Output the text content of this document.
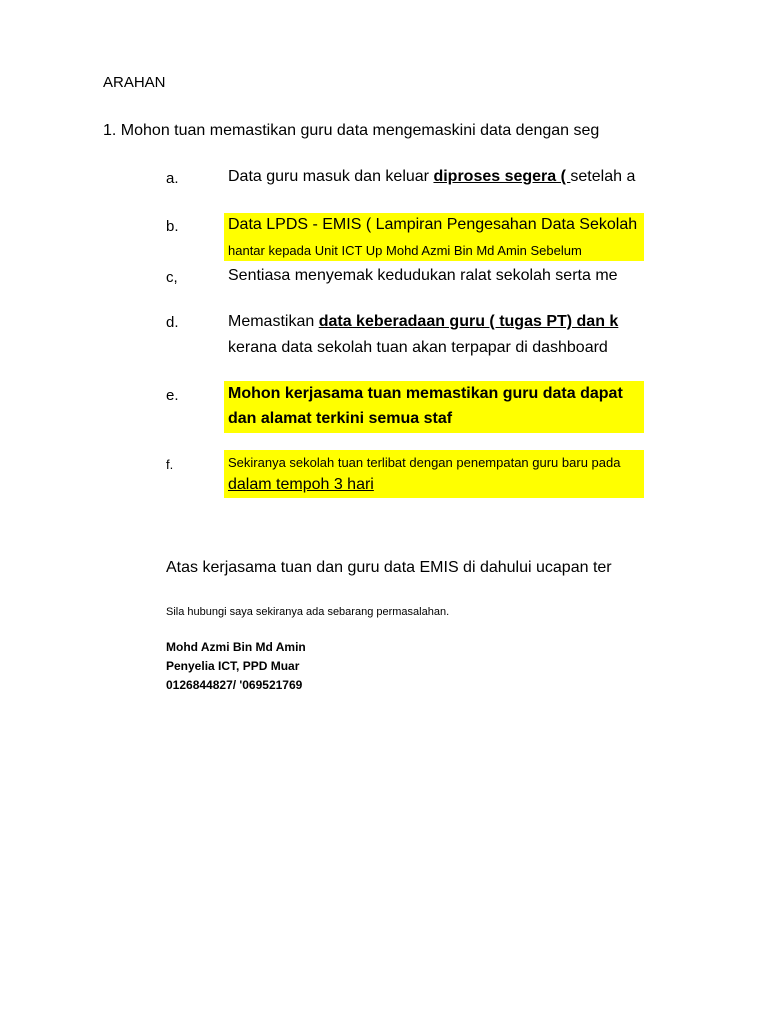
ARAHAN

1. Mohon tuan memastikan guru data mengemaskini data dengan seg

a.	Data guru masuk dan keluar diproses segera ( setelah a

b.	Data LPDS - EMIS ( Lampiran Pengesahan Data Sekolah

hantar kepada Unit ICT Up Mohd Azmi Bin Md Amin Sebelum

c,	Sentiasa menyemak kedudukan ralat sekolah serta me

d.	Memastikan data keberadaan guru ( tugas PT) dan k

kerana data sekolah tuan akan terpapar di dashboard

e.	Mohon kerjasama tuan memastikan guru data dapat

dan alamat terkini semua staf

f.	Sekiranya sekolah tuan terlibat dengan penempatan guru baru pada

dalam tempoh 3 hari

Atas kerjasama tuan dan guru data EMIS di dahului ucapan ter

Sila hubungi saya sekiranya ada sebarang permasalahan.

Mohd Azmi Bin Md Amin

Penyelia ICT, PPD Muar

0126844827/ '069521769
